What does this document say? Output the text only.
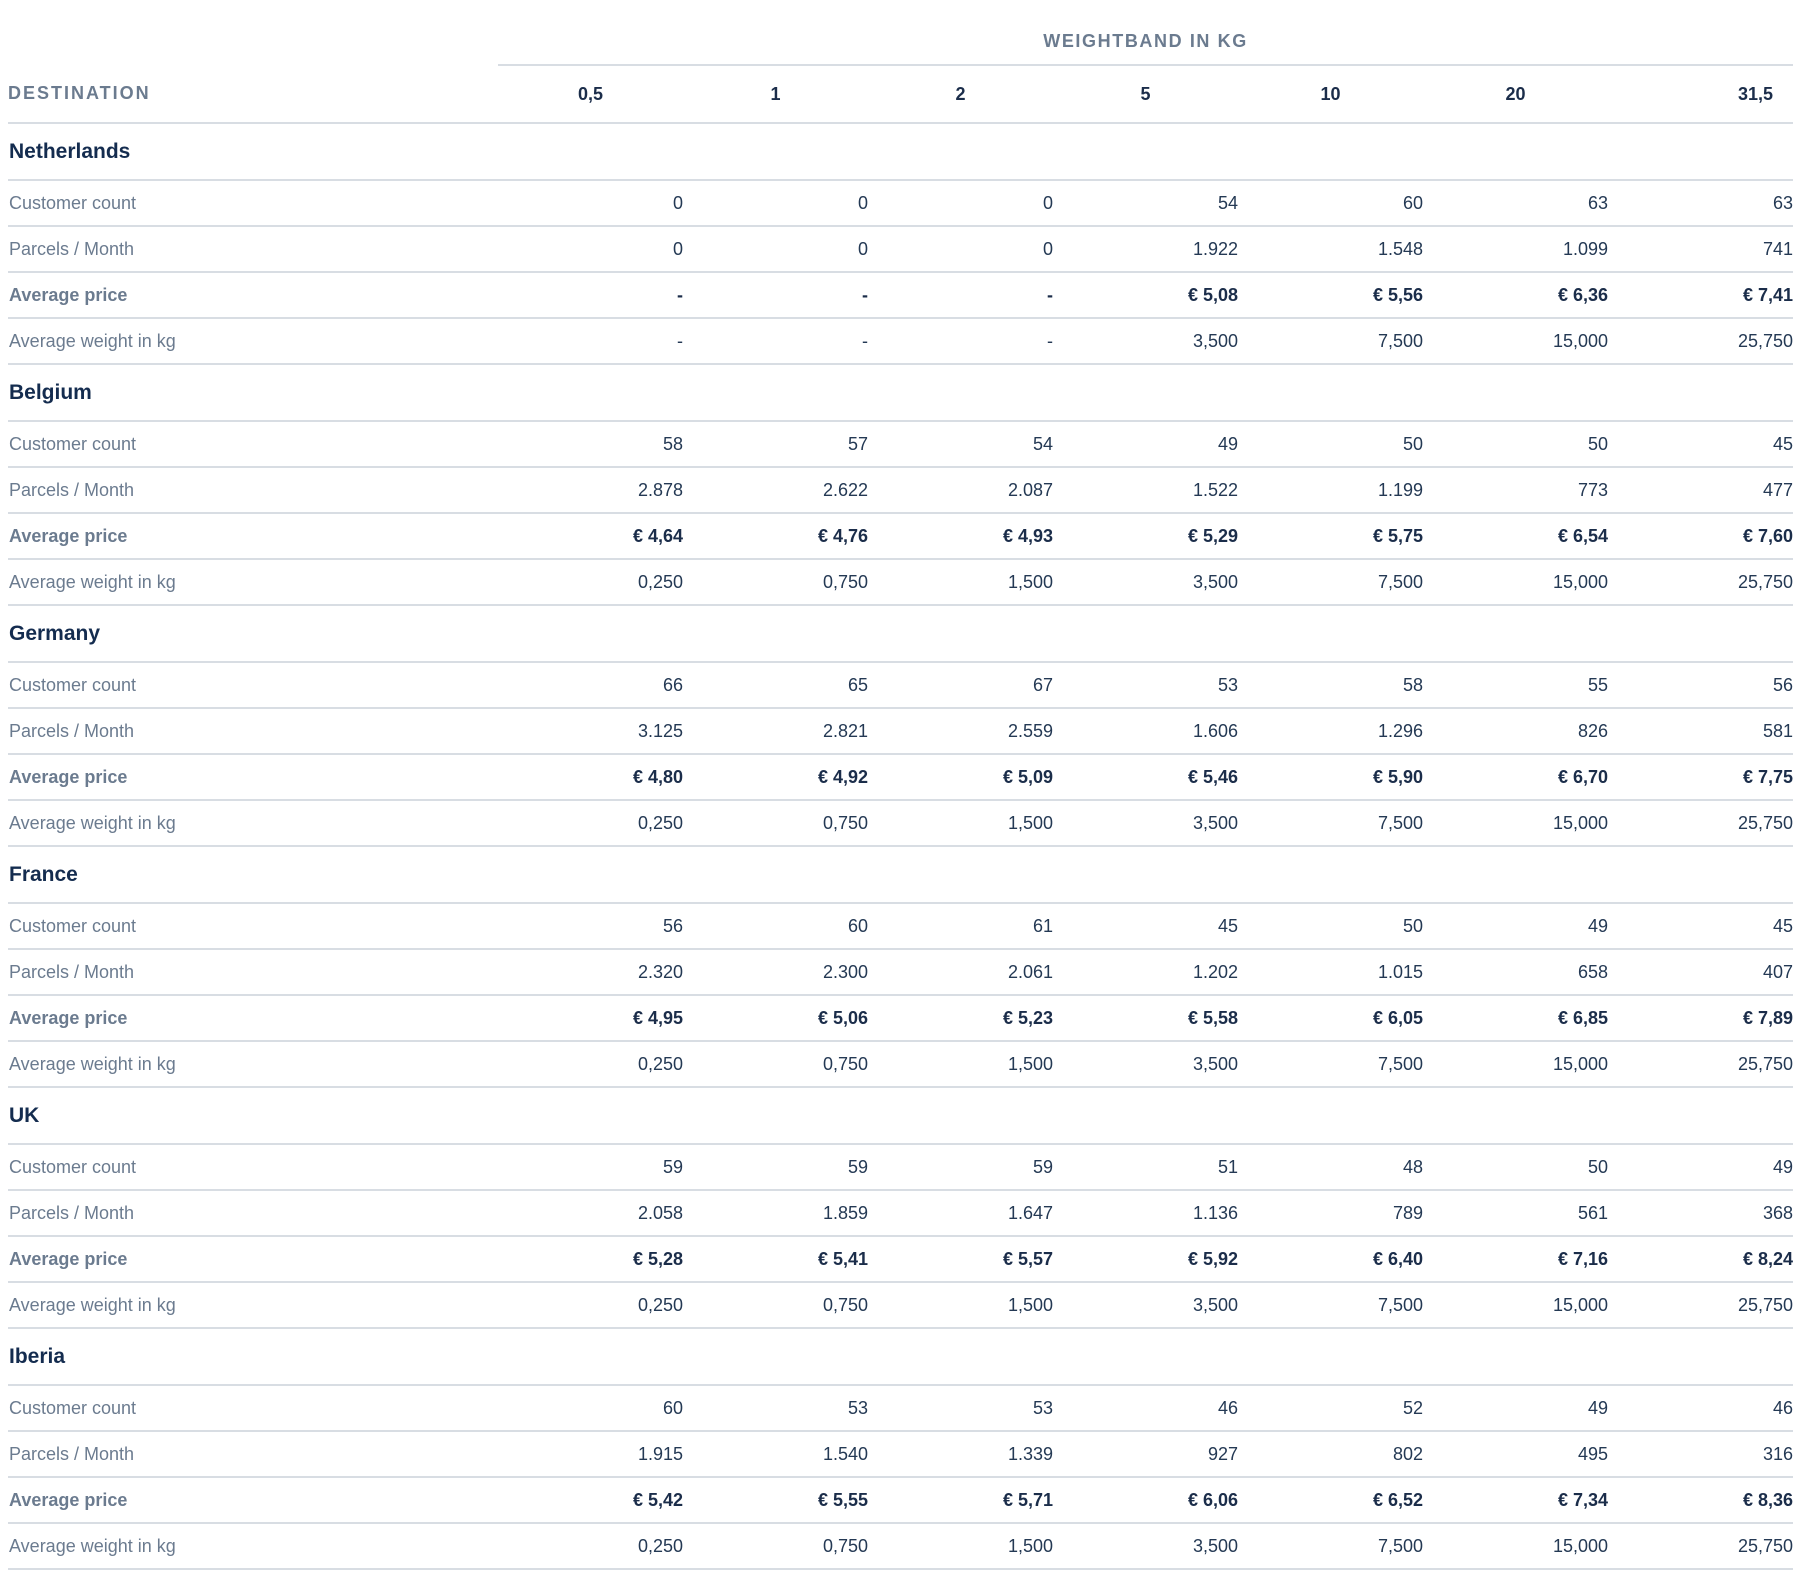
	WEIGHTBAND IN KG						
DESTINATION	0,5	1	2	5	10	20	31,5
Netherlands							
Customer count	0	0	0	54	60	63	63
Parcels / Month	0	0	0	1.922	1.548	1.099	741
Average price	-	-	-	€ 5,08	€ 5,56	€ 6,36	€ 7,41
Average weight in kg	-	-	-	3,500	7,500	15,000	25,750
Belgium							
Customer count	58	57	54	49	50	50	45
Parcels / Month	2.878	2.622	2.087	1.522	1.199	773	477
Average price	€ 4,64	€ 4,76	€ 4,93	€ 5,29	€ 5,75	€ 6,54	€ 7,60
Average weight in kg	0,250	0,750	1,500	3,500	7,500	15,000	25,750
Germany							
Customer count	66	65	67	53	58	55	56
Parcels / Month	3.125	2.821	2.559	1.606	1.296	826	581
Average price	€ 4,80	€ 4,92	€ 5,09	€ 5,46	€ 5,90	€ 6,70	€ 7,75
Average weight in kg	0,250	0,750	1,500	3,500	7,500	15,000	25,750
France							
Customer count	56	60	61	45	50	49	45
Parcels / Month	2.320	2.300	2.061	1.202	1.015	658	407
Average price	€ 4,95	€ 5,06	€ 5,23	€ 5,58	€ 6,05	€ 6,85	€ 7,89
Average weight in kg	0,250	0,750	1,500	3,500	7,500	15,000	25,750
UK							
Customer count	59	59	59	51	48	50	49
Parcels / Month	2.058	1.859	1.647	1.136	789	561	368
Average price	€ 5,28	€ 5,41	€ 5,57	€ 5,92	€ 6,40	€ 7,16	€ 8,24
Average weight in kg	0,250	0,750	1,500	3,500	7,500	15,000	25,750
Iberia							
Customer count	60	53	53	46	52	49	46
Parcels / Month	1.915	1.540	1.339	927	802	495	316
Average price	€ 5,42	€ 5,55	€ 5,71	€ 6,06	€ 6,52	€ 7,34	€ 8,36
Average weight in kg	0,250	0,750	1,500	3,500	7,500	15,000	25,750
